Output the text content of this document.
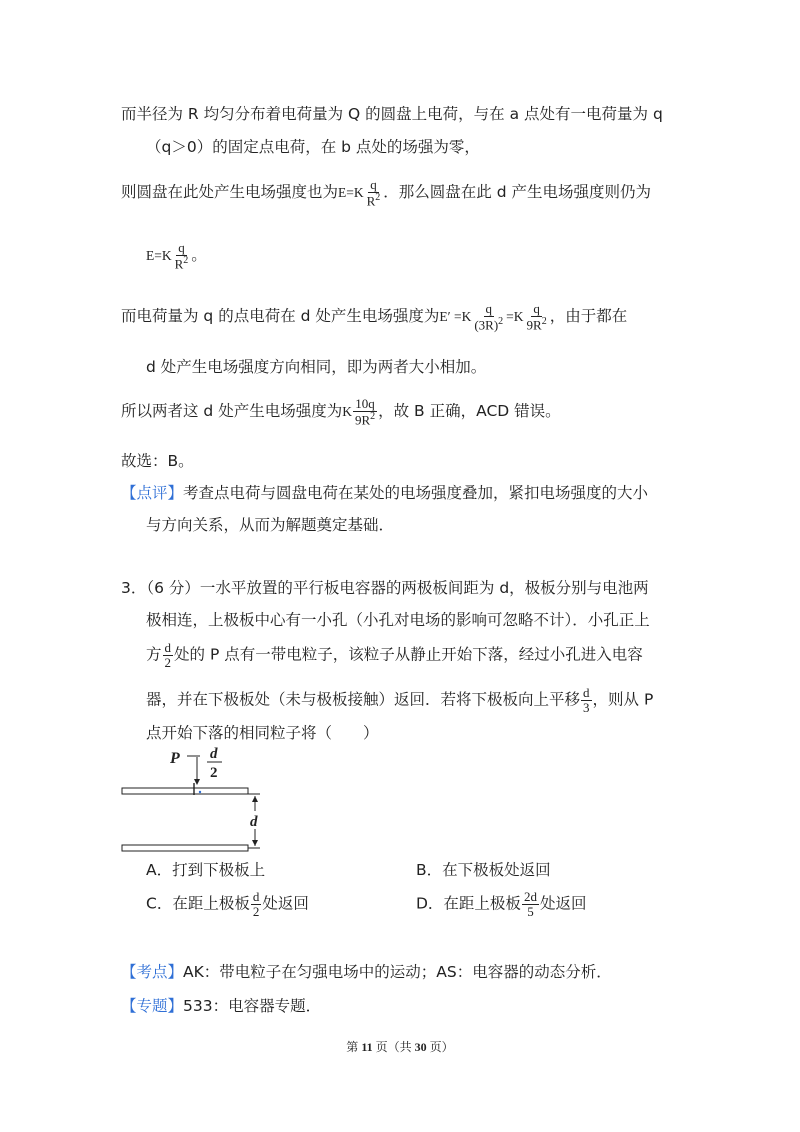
而半径为 R 均匀分布着电荷量为 Q 的圆盘上电荷，与在 a 点处有一电荷量为 q
（q＞0）的固定点电荷，在 b 点处的场强为零，
则圆盘在此处产生电场强度也为 $E=K \frac{q}{R^2}$ ．那么圆盘在此 d 产生电场强度则仍为
$E=K \frac{q}{R^2}$ 。
而电荷量为 q 的点电荷在 d 处产生电场强度为 $E' =K \frac{q}{(3R)^2} =K \frac{q}{9R^2}$ ，由于都在
d 处产生电场强度方向相同，即为两者大小相加。
所以两者这 d 处产生电场强度为 K $\frac{10q}{9R^2}$ ，故 B 正确，ACD 错误。
故选：B。
【点评】考查点电荷与圆盘电荷在某处的电场强度叠加，紧扣电场强度的大小
与方向关系，从而为解题奠定基础．
3．（6 分）一水平放置的平行板电容器的两极板间距为 d，极板分别与电池两
极相连，上极板中心有一小孔（小孔对电场的影响可忽略不计）．小孔正上
方 $\frac{d}{2}$ 处的 P 点有一带电粒子，该粒子从静止开始下落，经过小孔进入电容
器，并在下极板处（未与极板接触）返回．若将下极板向上平移 $\frac{d}{3}$ ，则从 P
点开始下落的相同粒子将（　　）
P d
2
d
A．打到下极板上	B．在下极板处返回
C．在距上极板 $\frac{d}{2}$ 处返回	D．在距上极板 $\frac{2d}{5}$ 处返回
【考点】AK：带电粒子在匀强电场中的运动；AS：电容器的动态分析．
【专题】533：电容器专题．
第 11 页（共 30 页）
